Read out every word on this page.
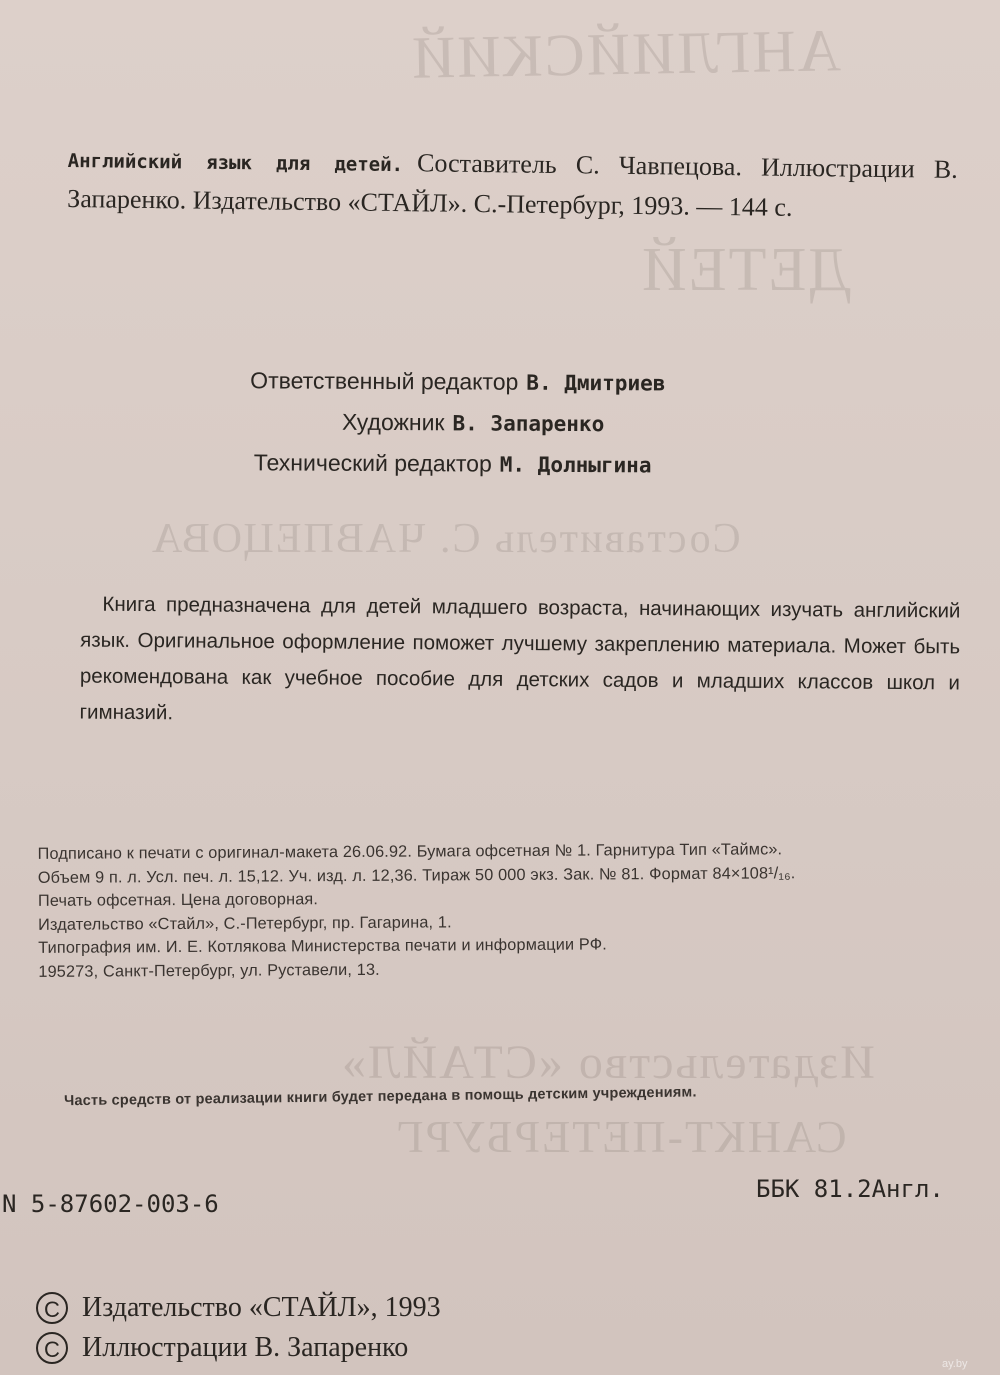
АНГЛИЙСКИЙ
ДЕТЕЙ
Составитель С. ЧАВПЕЦОВА
Издательство «СТАЙЛ»
САНКТ-ПЕТЕРБУРГ
Английский язык для детей. Составитель С. Чавпецова. Иллюстрации В. Запаренко. Издательство «СТАЙЛ». С.-Петербург, 1993. — 144 с.
Ответственный редактор В. Дмитриев
Художник В. Запаренко
Технический редактор М. Долныгина

Книга предназначена для детей младшего возраста, начинающих изучать английский язык. Оригинальное оформление поможет лучшему закреплению материала. Может быть рекомендована как учебное пособие для детских садов и младших классов школ и гимназий.

Подписано к печати с оригинал-макета 26.06.92. Бумага офсетная № 1. Гарнитура Тип «Таймс».
Объем 9 п. л. Усл. печ. л. 15,12. Уч. изд. л. 12,36. Тираж 50 000 экз. Зак. № 81. Формат 84×108¹/₁₆.
Печать офсетная. Цена договорная.
Издательство «Стайл», С.-Петербург, пр. Гагарина, 1.
Типография им. И. Е. Котлякова Министерства печати и информации РФ.
195273, Санкт-Петербург, ул. Руставели, 13.
Часть средств от реализации книги будет передана в помощь детским учреждениям.
N 5-87602-003-6
ББК 81.2Англ.
C Издательство «СТАЙЛ», 1993
C Иллюстрации В. Запаренко
ay.by
